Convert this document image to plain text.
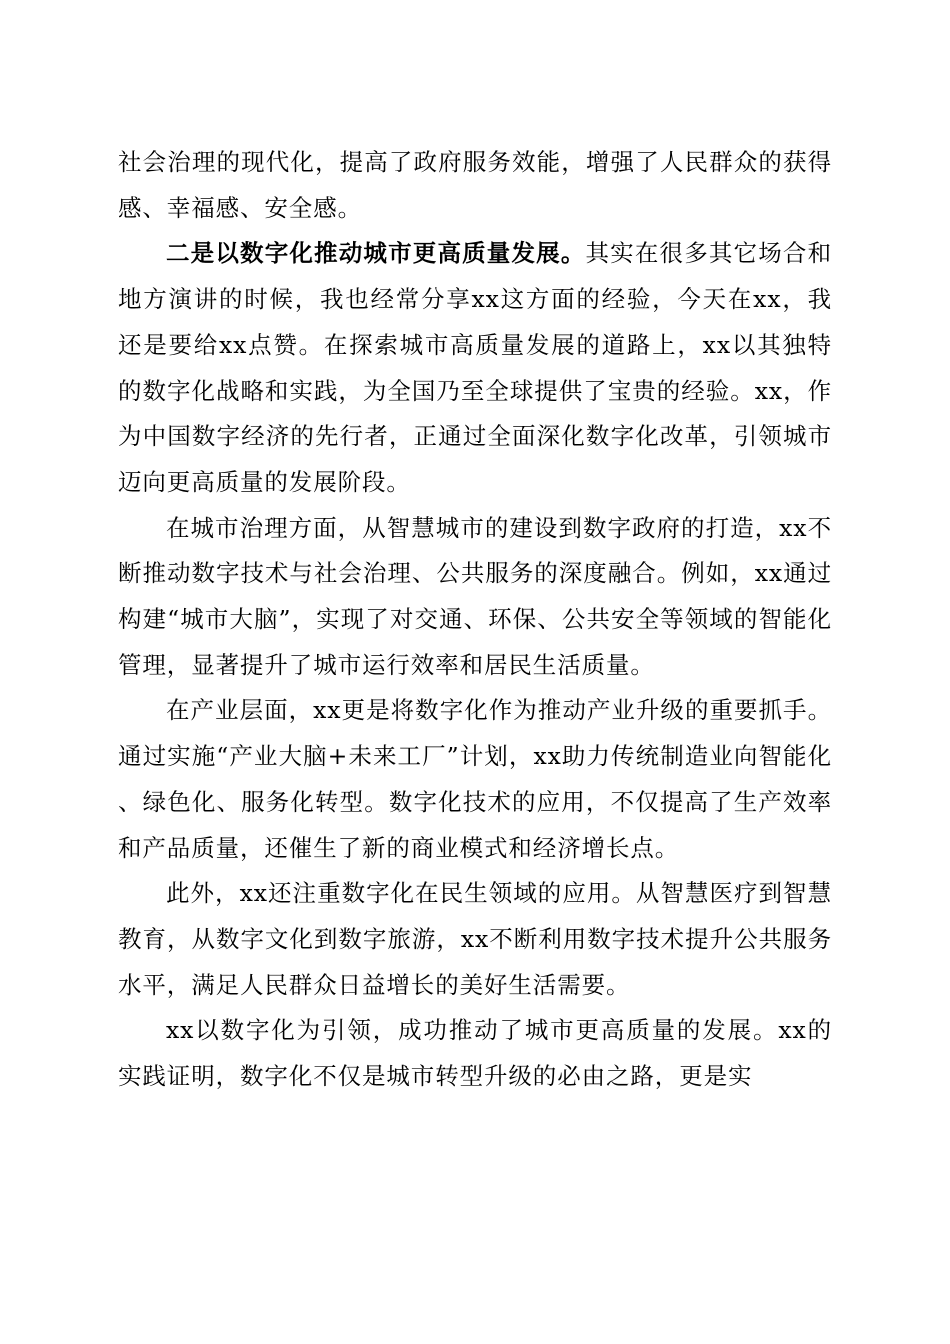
社会治理的现代化，提高了政府服务效能，增强了人民群众的获得感、幸福感、安全感。

二是以数字化推动城市更高质量发展。其实在很多其它场合和地方演讲的时候，我也经常分享xx这方面的经验，今天在xx，我还是要给xx点赞。在探索城市高质量发展的道路上，xx以其独特的数字化战略和实践，为全国乃至全球提供了宝贵的经验。xx，作为中国数字经济的先行者，正通过全面深化数字化改革，引领城市迈向更高质量的发展阶段。

在城市治理方面，从智慧城市的建设到数字政府的打造，xx不断推动数字技术与社会治理、公共服务的深度融合。例如，xx通过构建“城市大脑”，实现了对交通、环保、公共安全等领域的智能化管理，显著提升了城市运行效率和居民生活质量。

在产业层面，xx更是将数字化作为推动产业升级的重要抓手。通过实施“产业大脑+未来工厂”计划，xx助力传统制造业向智能化、绿色化、服务化转型。数字化技术的应用，不仅提高了生产效率和产品质量，还催生了新的商业模式和经济增长点。

此外，xx还注重数字化在民生领域的应用。从智慧医疗到智慧教育，从数字文化到数字旅游，xx不断利用数字技术提升公共服务水平，满足人民群众日益增长的美好生活需要。

xx以数字化为引领，成功推动了城市更高质量的发展。xx的实践证明，数字化不仅是城市转型升级的必由之路，更是实
